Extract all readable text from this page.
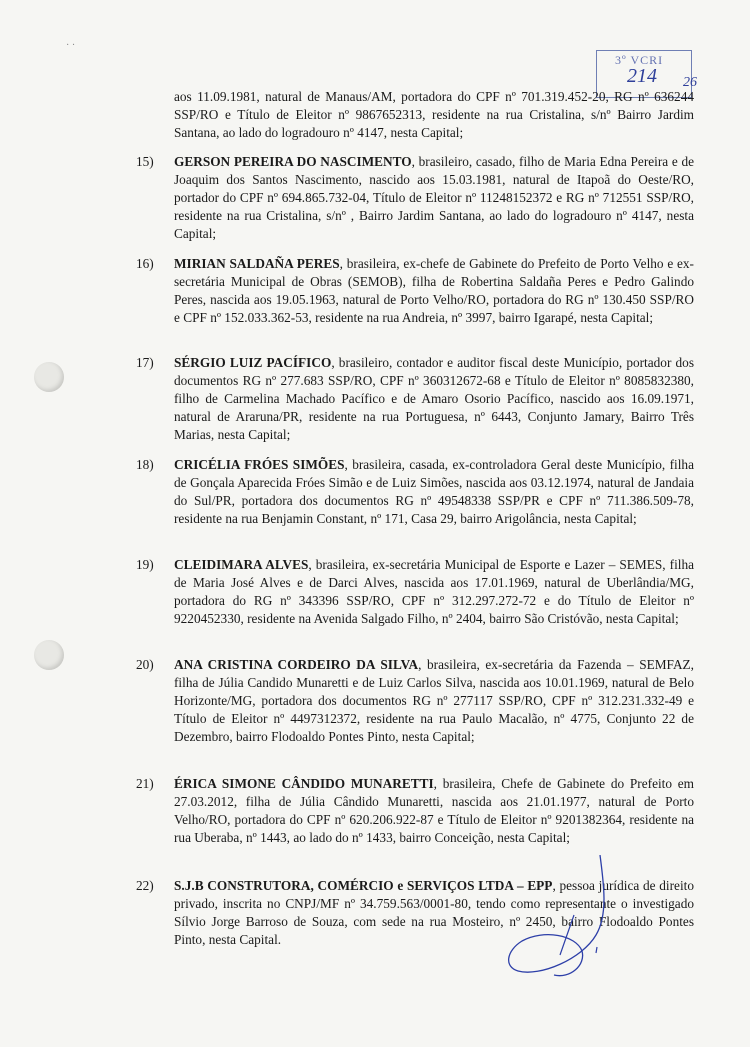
· ·
3º VCRI
214 26
aos 11.09.1981, natural de Manaus/AM, portadora do CPF nº 701.319.452-20, RG nº 636244 SSP/RO e Título de Eleitor nº 9867652313, residente na rua Cristalina, s/nº Bairro Jardim Santana, ao lado do logradouro nº 4147, nesta Capital;
15)	GERSON PEREIRA DO NASCIMENTO, brasileiro, casado, filho de Maria Edna Pereira e de Joaquim dos Santos Nascimento, nascido aos 15.03.1981, natural de Itapoã do Oeste/RO, portador do CPF nº 694.865.732-04, Título de Eleitor nº 11248152372 e RG nº 712551 SSP/RO, residente na rua Cristalina, s/nº , Bairro Jardim Santana, ao lado do logradouro nº 4147, nesta Capital;
16)	MIRIAN SALDAÑA PERES, brasileira, ex-chefe de Gabinete do Prefeito de Porto Velho e ex-secretária Municipal de Obras (SEMOB), filha de Robertina Saldaña Peres e Pedro Galindo Peres, nascida aos 19.05.1963, natural de Porto Velho/RO, portadora do RG nº 130.450 SSP/RO e CPF nº 152.033.362-53, residente na rua Andreia, nº 3997, bairro Igarapé, nesta Capital;
17)	SÉRGIO LUIZ PACÍFICO, brasileiro, contador e auditor fiscal deste Município, portador dos documentos RG nº 277.683 SSP/RO, CPF nº 360312672-68 e Título de Eleitor nº 8085832380, filho de Carmelina Machado Pacífico e de Amaro Osorio Pacífico, nascido aos 16.09.1971, natural de Araruna/PR, residente na rua Portuguesa, nº 6443, Conjunto Jamary, Bairro Três Marias, nesta Capital;
18)	CRICÉLIA FRÓES SIMÕES, brasileira, casada, ex-controladora Geral deste Município, filha de Gonçala Aparecida Fróes Simão e de Luiz Simões, nascida aos 03.12.1974, natural de Jandaia do Sul/PR, portadora dos documentos RG nº 49548338 SSP/PR e CPF nº 711.386.509-78, residente na rua Benjamin Constant, nº 171, Casa 29, bairro Arigolância, nesta Capital;
19)	CLEIDIMARA ALVES, brasileira, ex-secretária Municipal de Esporte e Lazer – SEMES, filha de Maria José Alves e de Darci Alves, nascida aos 17.01.1969, natural de Uberlândia/MG, portadora do RG nº 343396 SSP/RO, CPF nº 312.297.272-72 e do Título de Eleitor nº 9220452330, residente na Avenida Salgado Filho, nº 2404, bairro São Cristóvão, nesta Capital;
20)	ANA CRISTINA CORDEIRO DA SILVA, brasileira, ex-secretária da Fazenda – SEMFAZ, filha de Júlia Candido Munaretti e de Luiz Carlos Silva, nascida aos 10.01.1969, natural de Belo Horizonte/MG, portadora dos documentos RG nº 277117 SSP/RO, CPF nº 312.231.332-49 e Título de Eleitor nº 4497312372, residente na rua Paulo Macalão, nº 4775, Conjunto 22 de Dezembro, bairro Flodoaldo Pontes Pinto, nesta Capital;
21)	ÉRICA SIMONE CÂNDIDO MUNARETTI, brasileira, Chefe de Gabinete do Prefeito em 27.03.2012, filha de Júlia Cândido Munaretti, nascida aos 21.01.1977, natural de Porto Velho/RO, portadora do CPF nº 620.206.922-87 e Título de Eleitor nº 9201382364, residente na rua Uberaba, nº 1443, ao lado do nº 1433, bairro Conceição, nesta Capital;
22)	S.J.B CONSTRUTORA, COMÉRCIO e SERVIÇOS LTDA – EPP, pessoa jurídica de direito privado, inscrita no CNPJ/MF nº 34.759.563/0001-80, tendo como representante o investigado Sílvio Jorge Barroso de Souza, com sede na rua Mosteiro, nº 2450, bairro Flodoaldo Pontes Pinto, nesta Capital.
